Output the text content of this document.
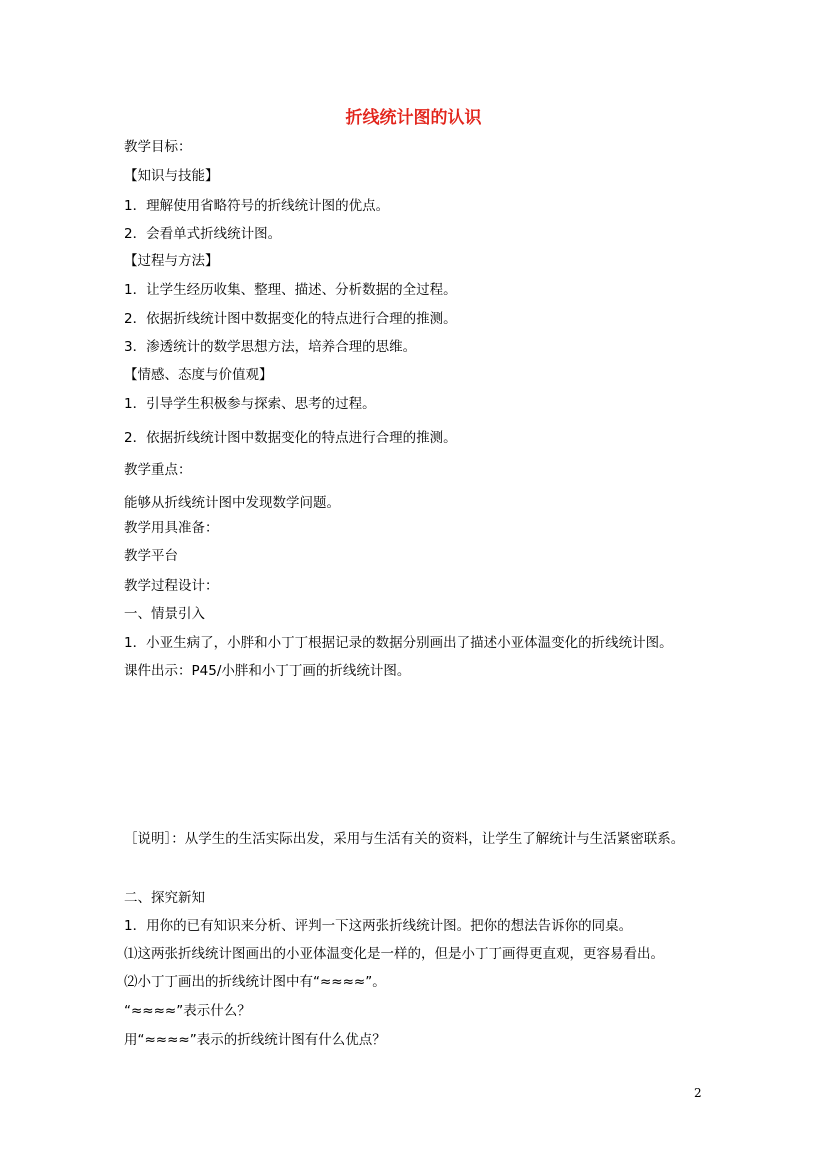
折线统计图的认识
教学目标：
【知识与技能】
1．理解使用省略符号的折线统计图的优点。
2．会看单式折线统计图。
【过程与方法】
1．让学生经历收集、整理、描述、分析数据的全过程。
2．依据折线统计图中数据变化的特点进行合理的推测。
3．渗透统计的数学思想方法，培养合理的思维。
【情感、态度与价值观】
1．引导学生积极参与探索、思考的过程。
2．依据折线统计图中数据变化的特点进行合理的推测。
教学重点：
能够从折线统计图中发现数学问题。
教学用具准备：
教学平台
教学过程设计：
一、情景引入
1．小亚生病了，小胖和小丁丁根据记录的数据分别画出了描述小亚体温变化的折线统计图。
课件出示：P45/小胖和小丁丁画的折线统计图。
［说明］：从学生的生活实际出发，采用与生活有关的资料，让学生了解统计与生活紧密联系。
二、探究新知
1．用你的已有知识来分析、评判一下这两张折线统计图。把你的想法告诉你的同桌。
⑴这两张折线统计图画出的小亚体温变化是一样的，但是小丁丁画得更直观，更容易看出。
⑵小丁丁画出的折线统计图中有“≈≈≈≈”。
“≈≈≈≈”表示什么？
用“≈≈≈≈”表示的折线统计图有什么优点？
2
